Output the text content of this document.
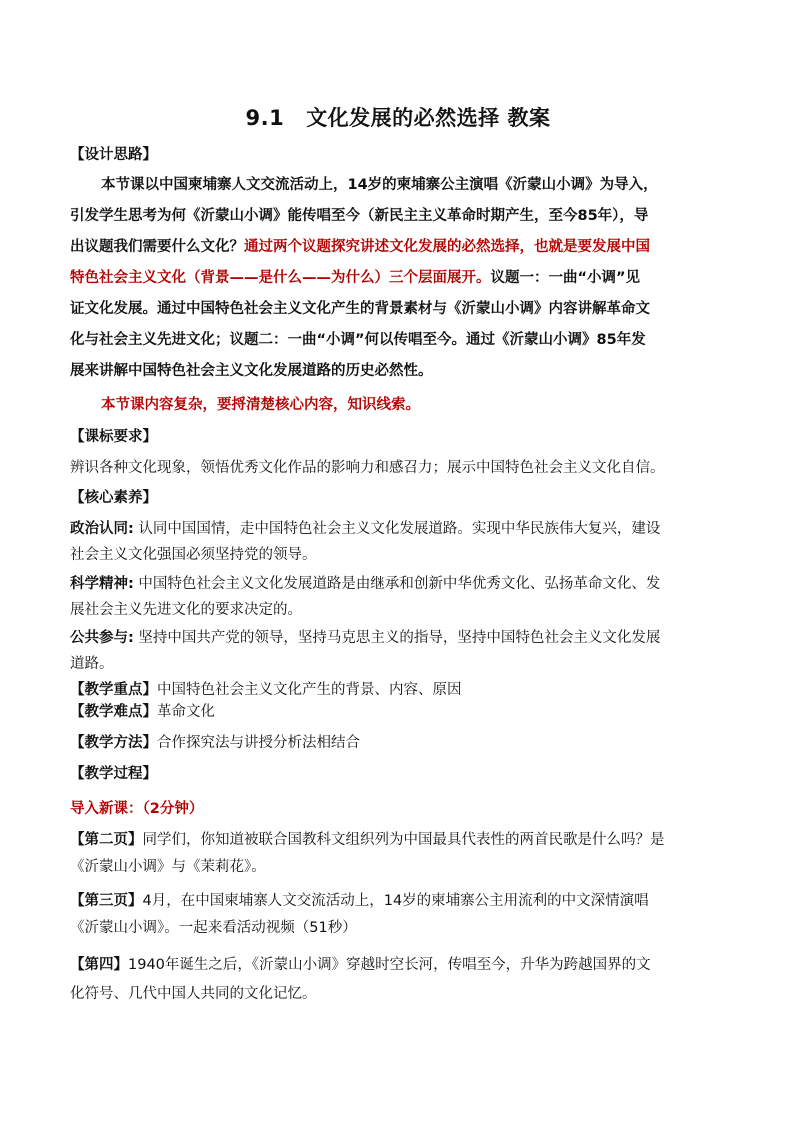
9.1 文化发展的必然选择 教案
【设计思路】
本节课以中国柬埔寨人文交流活动上，14岁的柬埔寨公主演唱《沂蒙山小调》为导入，
引发学生思考为何《沂蒙山小调》能传唱至今（新民主主义革命时期产生，至今85年），导
出议题我们需要什么文化？通过两个议题探究讲述文化发展的必然选择，也就是要发展中国
特色社会主义文化（背景——是什么——为什么）三个层面展开。议题一：一曲“小调”见
证文化发展。通过中国特色社会主义文化产生的背景素材与《沂蒙山小调》内容讲解革命文
化与社会主义先进文化；议题二：一曲“小调”何以传唱至今。通过《沂蒙山小调》85年发
展来讲解中国特色社会主义文化发展道路的历史必然性。
本节课内容复杂，要捋清楚核心内容，知识线索。
【课标要求】
辨识各种文化现象，领悟优秀文化作品的影响力和感召力；展示中国特色社会主义文化自信。
【核心素养】
政治认同: 认同中国国情，走中国特色社会主义文化发展道路。实现中华民族伟大复兴，建设
社会主义文化强国必须坚持党的领导。
科学精神: 中国特色社会主义文化发展道路是由继承和创新中华优秀文化、弘扬革命文化、发
展社会主义先进文化的要求决定的。
公共参与: 坚持中国共产党的领导，坚持马克思主义的指导，坚持中国特色社会主义文化发展
道路。
【教学重点】中国特色社会主义文化产生的背景、内容、原因
【教学难点】革命文化
【教学方法】合作探究法与讲授分析法相结合
【教学过程】
导入新课：（2分钟）
【第二页】同学们，你知道被联合国教科文组织列为中国最具代表性的两首民歌是什么吗？是
《沂蒙山小调》与《茉莉花》。
【第三页】4月，在中国柬埔寨人文交流活动上，14岁的柬埔寨公主用流利的中文深情演唱
《沂蒙山小调》。一起来看活动视频（51秒）
【第四】1940年诞生之后，《沂蒙山小调》穿越时空长河，传唱至今，升华为跨越国界的文
化符号、几代中国人共同的文化记忆。
